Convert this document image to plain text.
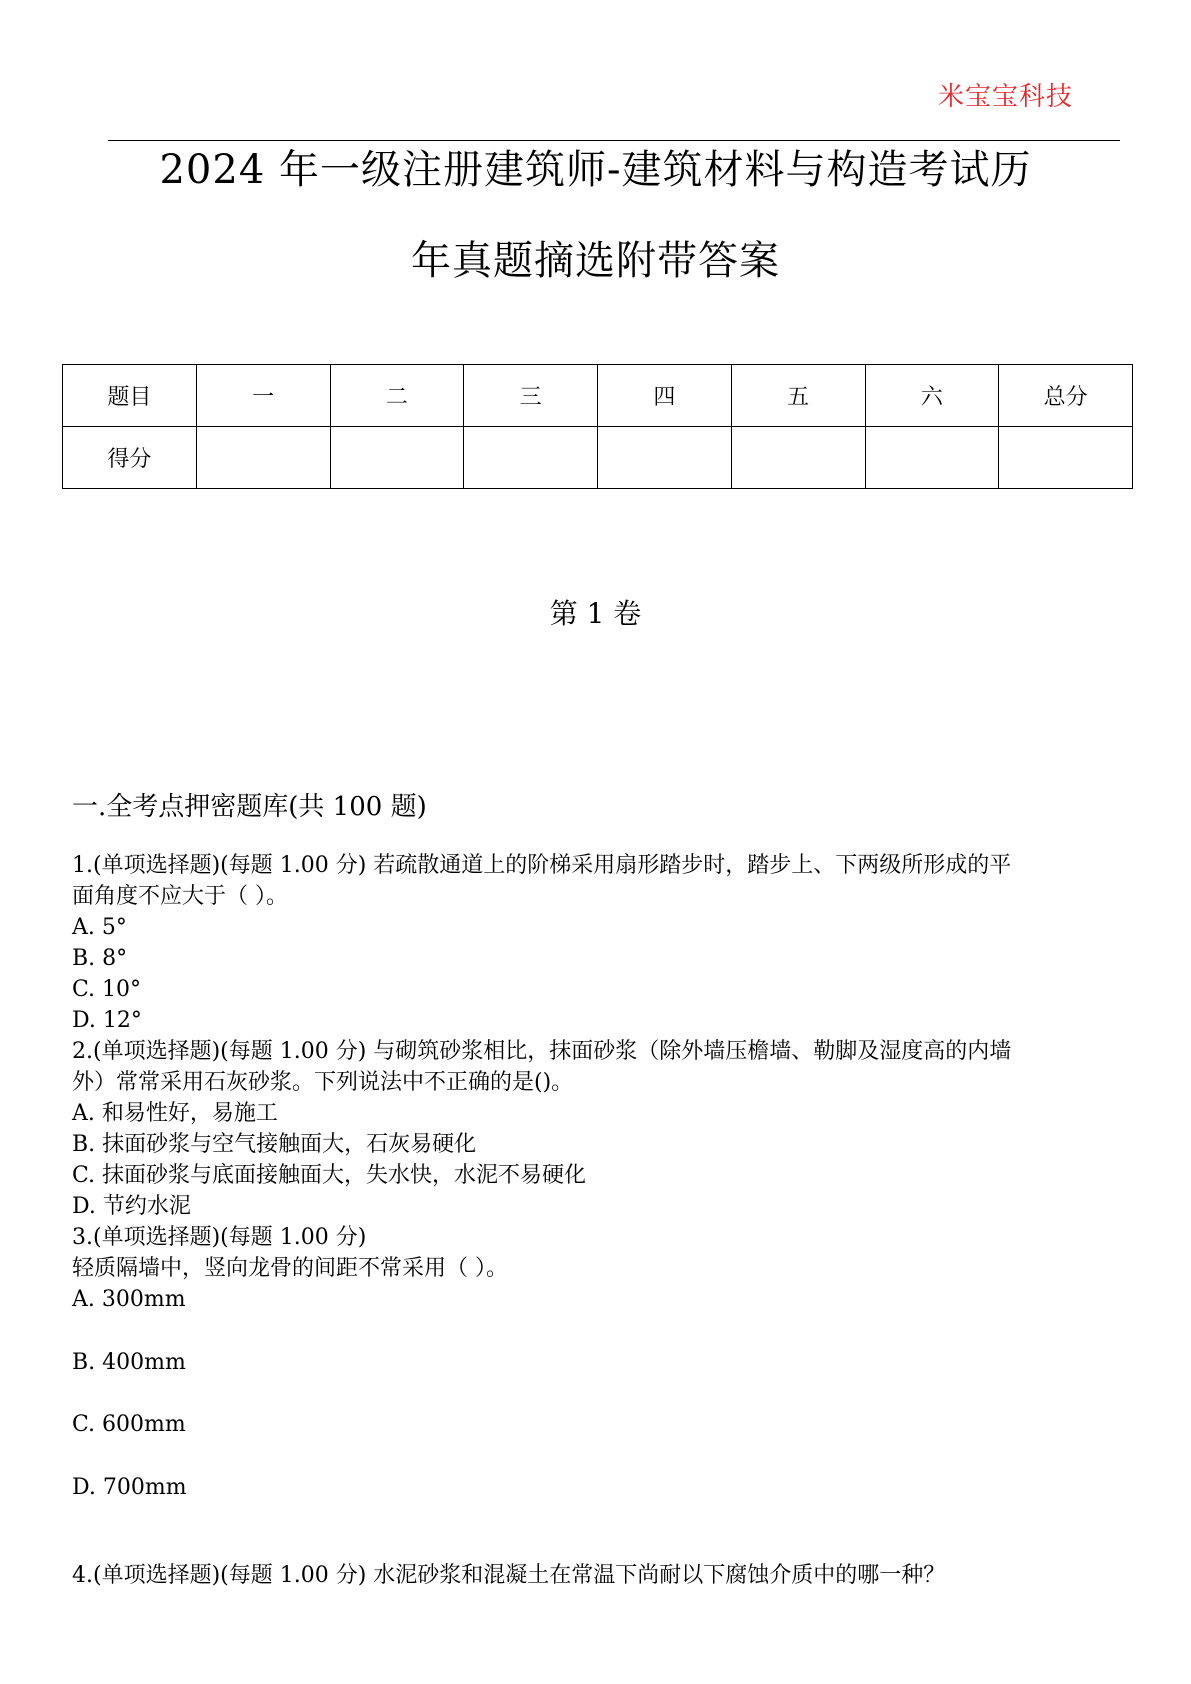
米宝宝科技
2024 年一级注册建筑师-建筑材料与构造考试历
年真题摘选附带答案
题目	一	二	三	四	五	六	总分
得分							
第 1 卷
一.全考点押密题库(共 100 题)
1.(单项选择题)(每题 1.00 分) 若疏散通道上的阶梯采用扇形踏步时，踏步上、下两级所形成的平
面角度不应大于（ ）。
A. 5°
B. 8°
C. 10°
D. 12°
2.(单项选择题)(每题 1.00 分) 与砌筑砂浆相比，抹面砂浆（除外墙压檐墙、勒脚及湿度高的内墙
外）常常采用石灰砂浆。下列说法中不正确的是()。
A. 和易性好，易施工
B. 抹面砂浆与空气接触面大，石灰易硬化
C. 抹面砂浆与底面接触面大，失水快，水泥不易硬化
D. 节约水泥
3.(单项选择题)(每题 1.00 分)
轻质隔墙中，竖向龙骨的间距不常采用（ ）。
A. 300mm
B. 400mm
C. 600mm
D. 700mm
4.(单项选择题)(每题 1.00 分) 水泥砂浆和混凝土在常温下尚耐以下腐蚀介质中的哪一种？
